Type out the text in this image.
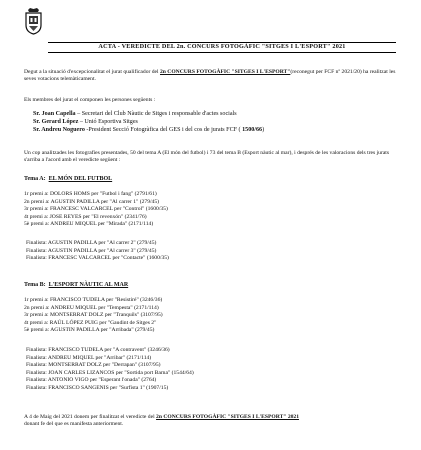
ACTA - VEREDICTE DEL 2n. CONCURS FOTOGÀFIC "SITGES I L'ESPORT" 2021
Degut a la situació d'excepcionalitat el jurat qualificador del 2n CONCURS FOTOGÀFIC "SITGES I L'ESPORT"(reconegut per FCF nº 2021/20) ha realitzat les seves votacions telemàticament.
Els membres del jurat el componen les persones següents :
Sr. Joan Capella – Secretari del Club Nàutic de Sitges i responsable d'actes socials
Sr. Gerard López – Unió Esportiva Sitges
Sr. Andreu Noguero -President Secció Fotogràfica del GES i del cos de jurats FCF ( 1500/66)
Un cop analitzades les fotografies presentades, 50 del tema A (El món del futbol) i 73 del tema B (Esport nàutic al mar), i després de les valoracions dels tres jurats s'arriba a l'acord amb el veredicte següent :
Tema A: EL MÓN DEL FUTBOL
1r premi a: DOLORS HOMS per "Futbol i fang" (2791/61)
2n premi a: AGUSTIN PADILLA per "Al carrer 1" (279/45)
3r premi a: FRANCESC VALCARCEL per "Control" (1600/35)
4t premi a: JOSE REYES per "El revenxón" (2341/76)
5è premi a: ANDREU MIQUEL per "Mirada" (2171/114)
Finalista: AGUSTIN PADILLA per "Al carrer 2" (279/45)
Finalista: AGUSTIN PADILLA per "Al carrer 3" (279/45)
Finalista: FRANCESC VALCARCEL per "Contacte" (1600/35)
Tema B: L'ESPORT NÀUTIC AL MAR
1r premi a: FRANCISCO TUDELA per "Resistiré" (3246/36)
2n premi a: ANDREU MIQUEL per "Tempesta" (2171/114)
3r premi a: MONTSERRAT DOLZ per "Tranquils" (3107/95)
4t premi a: RAÚL LÓPEZ PUIG per "Gaudint de Sitges 2"
5è premi a: AGUSTIN PADILLA per "Arribada" (279/45)
Finalista: FRANCISCO TUDELA per "A contravent" (3246/36)
Finalista: ANDREU MIQUEL per "Arribar" (2171/114)
Finalista: MONTSERRAT DOLZ per "Derrapan" (3107/95)
Finalista: JOAN CARLES LIZANCOS per "Sortida port Barna" (1544/64)
Finalista: ANTONIO VIGO per "Esperant l'onada" (2764)
Finalista: FRANCISCO SANGENIS per "Surfista 1" (1907/15)
A 4 de Maig del 2021 donem per finalitzat el veredicte del 2n CONCURS FOTOGÀFIC "SITGES I L'ESPORT" 2021
donant fe del que es manifesta anteriorment.
